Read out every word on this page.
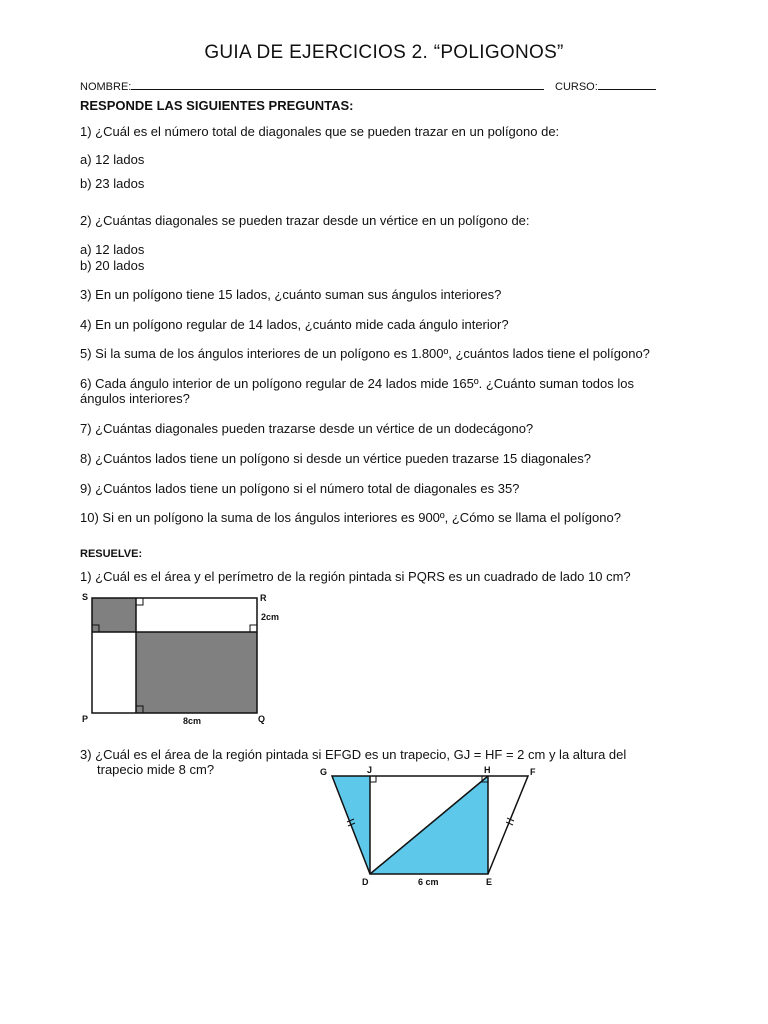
GUIA DE EJERCICIOS 2. “POLIGONOS”
NOMBRE:	CURSO:
RESPONDE LAS SIGUIENTES PREGUNTAS:
1) ¿Cuál es el número total de diagonales que se pueden trazar en un polígono de:
a) 12 lados
b) 23 lados
2) ¿Cuántas diagonales se pueden trazar desde un vértice en un polígono de:
a) 12 lados
b) 20 lados
3) En un polígono tiene 15 lados, ¿cuánto suman sus ángulos interiores?
4) En un polígono regular de 14 lados, ¿cuánto mide cada ángulo interior?
5) Si la suma de los ángulos interiores de un polígono es 1.800º, ¿cuántos lados tiene el polígono?
6) Cada ángulo interior de un polígono regular de 24 lados mide 165º. ¿Cuánto suman todos los
ángulos interiores?
7) ¿Cuántas diagonales pueden trazarse desde un vértice de un dodecágono?
8) ¿Cuántos lados tiene un polígono si desde un vértice pueden trazarse 15 diagonales?
9) ¿Cuántos lados tiene un polígono si el número total de diagonales es 35?
10) Si en un polígono la suma de los ángulos interiores es 900º, ¿Cómo se llama el polígono?
RESUELVE:
1) ¿Cuál es el área y el perímetro de la región pintada si PQRS es un cuadrado de lado 10 cm?
S	R
2cm
P	Q
8cm
3) ¿Cuál es el área de la región pintada si EFGD es un trapecio, GJ = HF = 2 cm y la altura del
trapecio mide 8 cm?	G	J	H	F
D	E
6 cm
